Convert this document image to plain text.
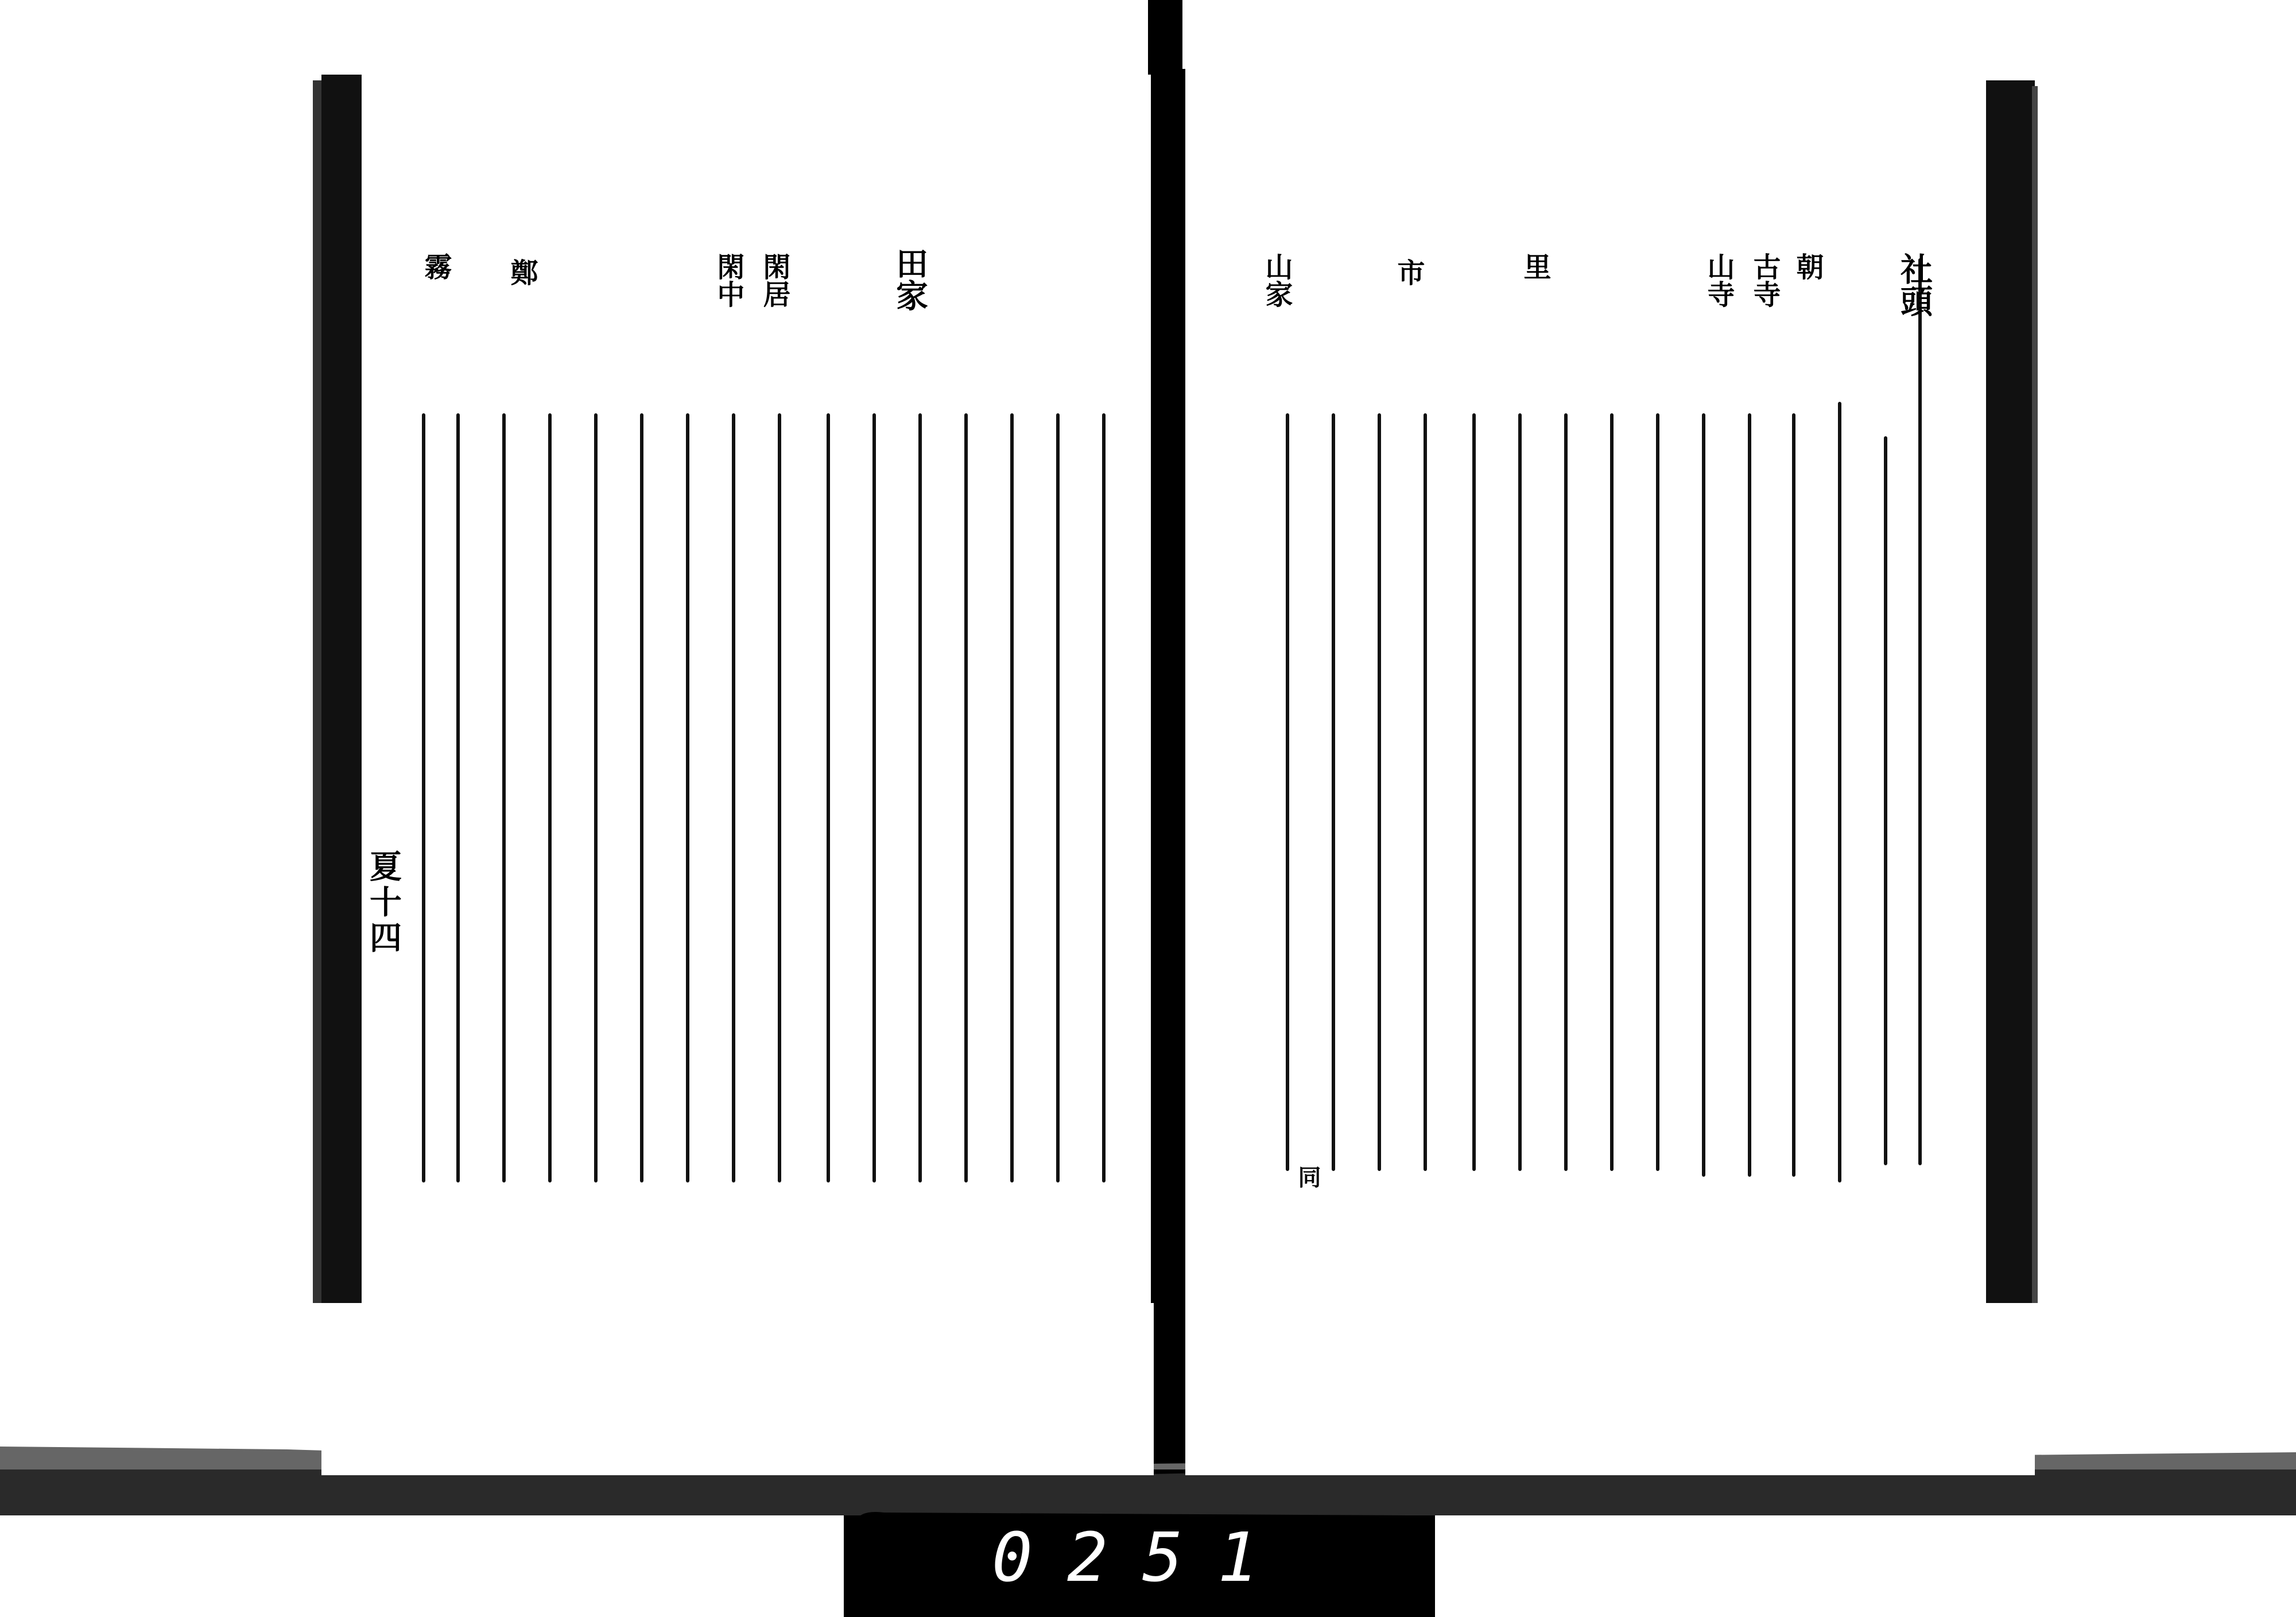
社頭
朝
古寺
山寺
里
市
山家
田家
閑居
閑中
鄭
霧
夏十四
同
0251
